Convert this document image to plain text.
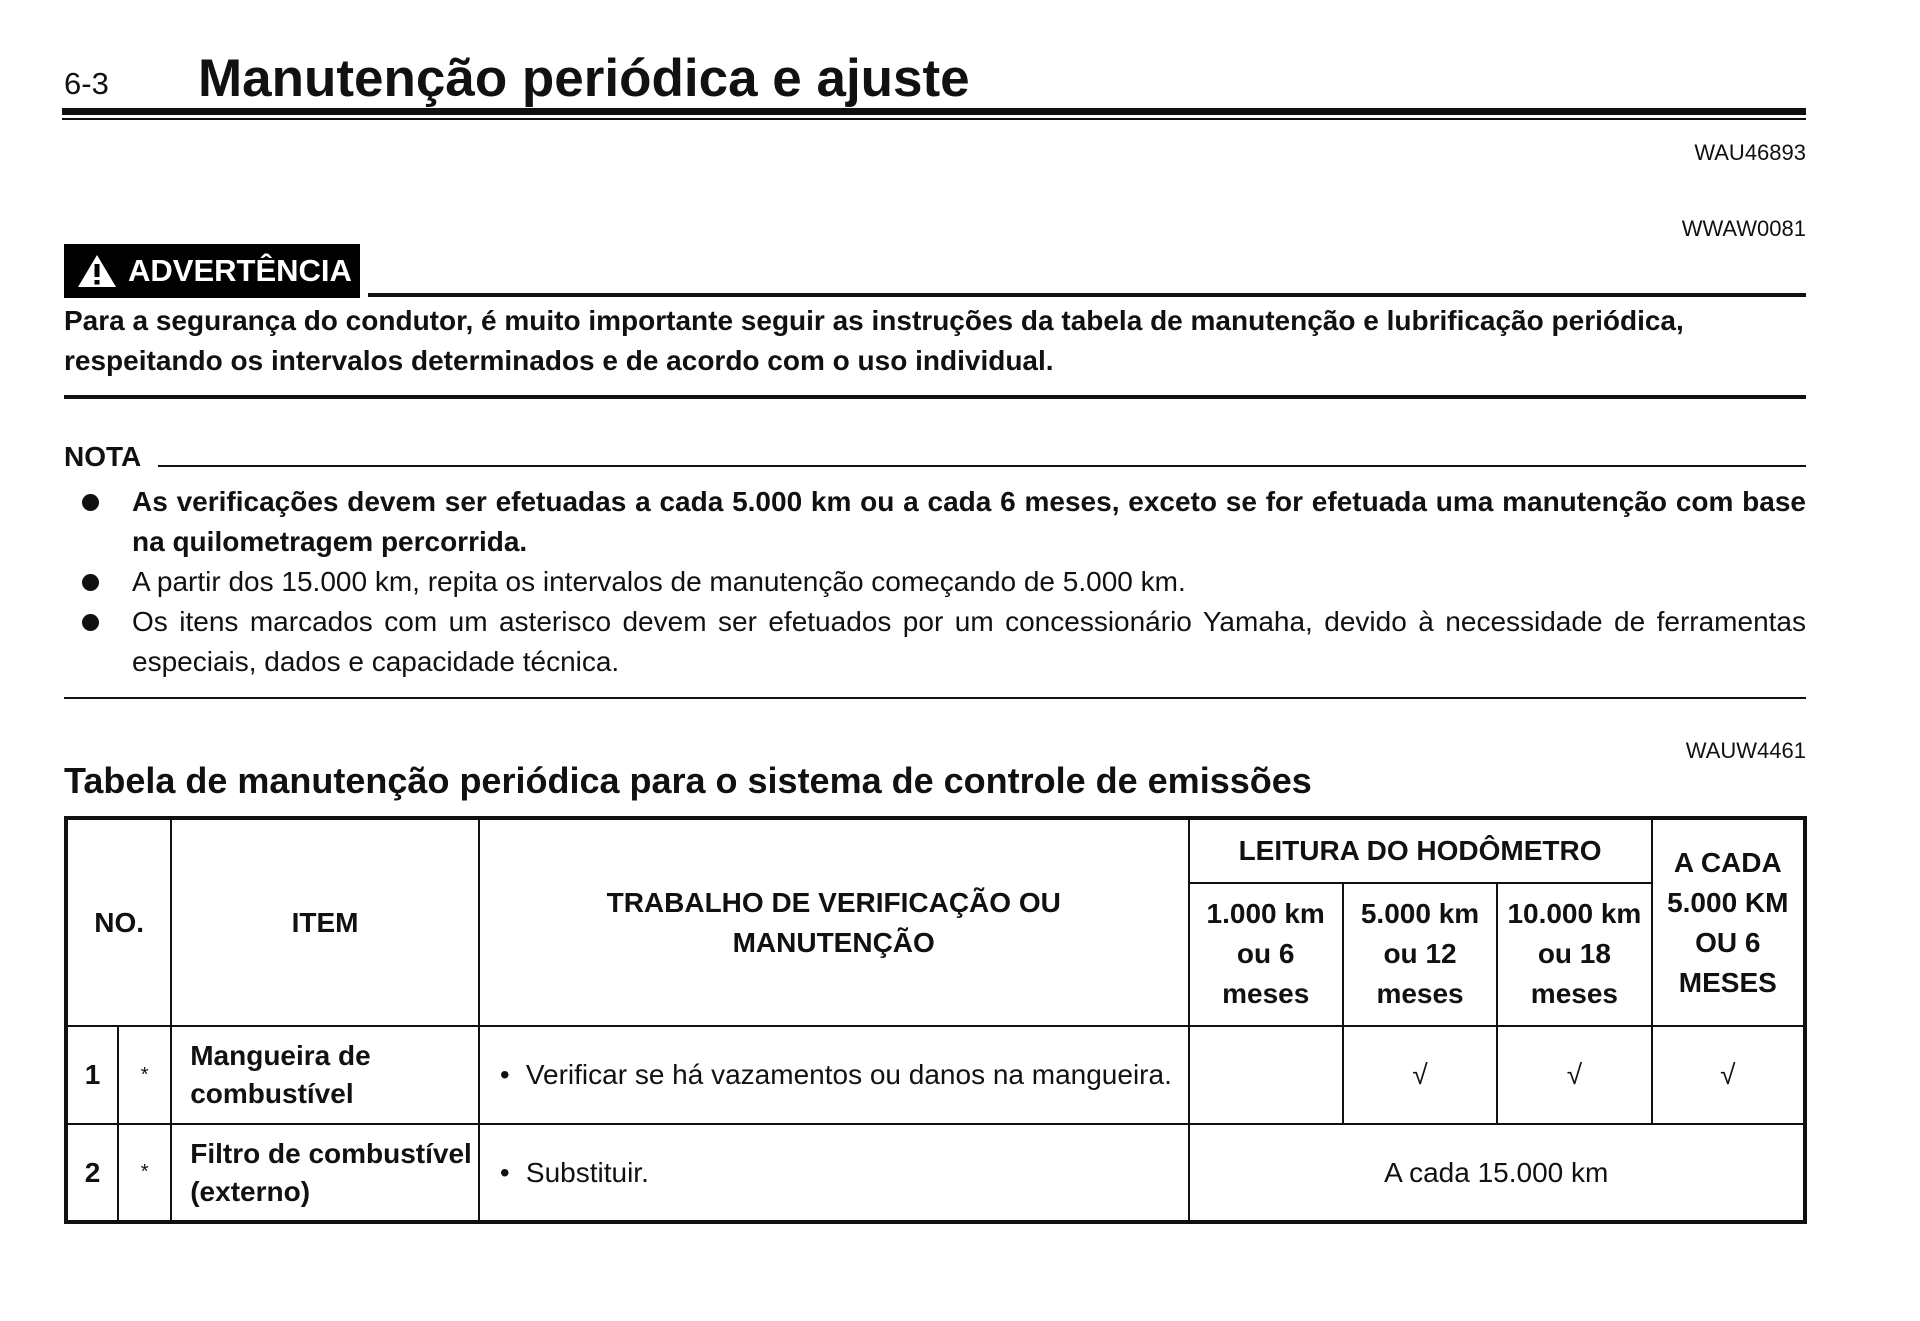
6-3 Manutenção periódica e ajuste
WAU46893
WWAW0081
ADVERTÊNCIA
Para a segurança do condutor, é muito importante seguir as instruções da tabela de manutenção e lubrificação periódica, respeitando os intervalos determinados e de acordo com o uso individual.
NOTA
As verificações devem ser efetuadas a cada 5.000 km ou a cada 6 meses, exceto se for efetuada uma manutenção com base na quilometragem percorrida.
A partir dos 15.000 km, repita os intervalos de manutenção começando de 5.000 km.
Os itens marcados com um asterisco devem ser efetuados por um concessionário Yamaha, devido à necessidade de ferramentas especiais, dados e capacidade técnica.
WAUW4461
Tabela de manutenção periódica para o sistema de controle de emissões
NO.		ITEM	TRABALHO DE VERIFICAÇÃO OU MANUTENÇÃO	LEITURA DO HODÔMETRO			A CADA 5.000 KM OU 6 MESES
				1.000 km ou 6 meses	5.000 km ou 12 meses	10.000 km ou 18 meses	
1	*	Mangueira de combustível	• Verificar se há vazamentos ou danos na mangueira.		√	√	√
2	*	Filtro de combustível (externo)	• Substituir.	A cada 15.000 km			
